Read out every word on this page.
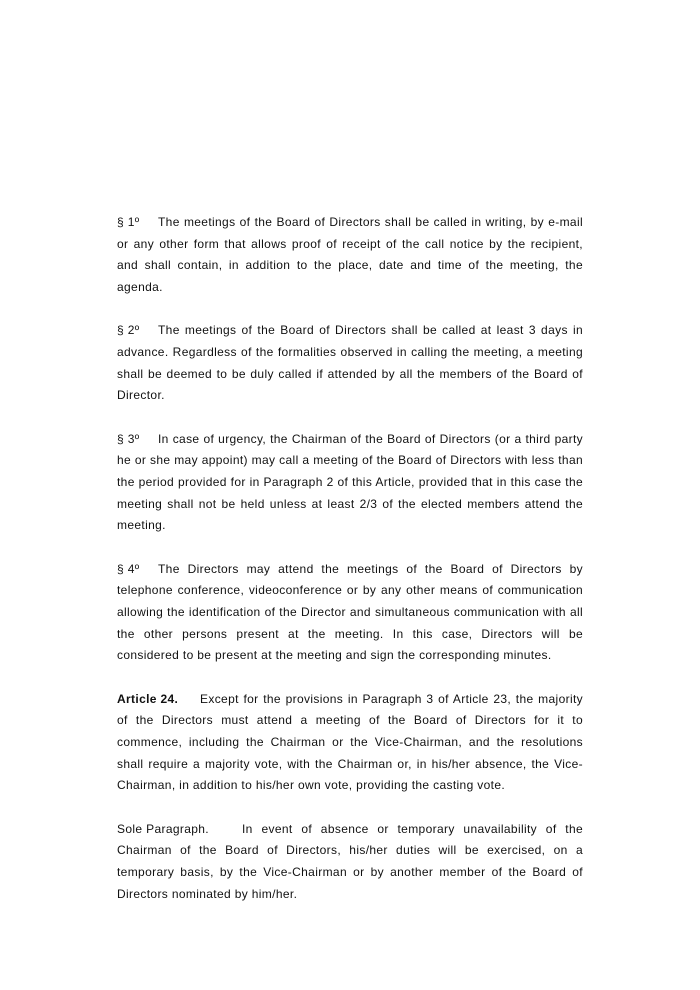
§ 1º The meetings of the Board of Directors shall be called in writing, by e-mail or any other form that allows proof of receipt of the call notice by the recipient, and shall contain, in addition to the place, date and time of the meeting, the agenda.

§ 2º The meetings of the Board of Directors shall be called at least 3 days in advance. Regardless of the formalities observed in calling the meeting, a meeting shall be deemed to be duly called if attended by all the members of the Board of Director.

§ 3º In case of urgency, the Chairman of the Board of Directors (or a third party he or she may appoint) may call a meeting of the Board of Directors with less than the period provided for in Paragraph 2 of this Article, provided that in this case the meeting shall not be held unless at least 2/3 of the elected members attend the meeting.

§ 4º The Directors may attend the meetings of the Board of Directors by telephone conference, videoconference or by any other means of communication allowing the identification of the Director and simultaneous communication with all the other persons present at the meeting. In this case, Directors will be considered to be present at the meeting and sign the corresponding minutes.

Article 24. Except for the provisions in Paragraph 3 of Article 23, the majority of the Directors must attend a meeting of the Board of Directors for it to commence, including the Chairman or the Vice-Chairman, and the resolutions shall require a majority vote, with the Chairman or, in his/her absence, the Vice-Chairman, in addition to his/her own vote, providing the casting vote.

Sole Paragraph.	In event of absence or temporary unavailability of the Chairman of the Board of Directors, his/her duties will be exercised, on a temporary basis, by the Vice-Chairman or by another member of the Board of Directors nominated by him/her.
